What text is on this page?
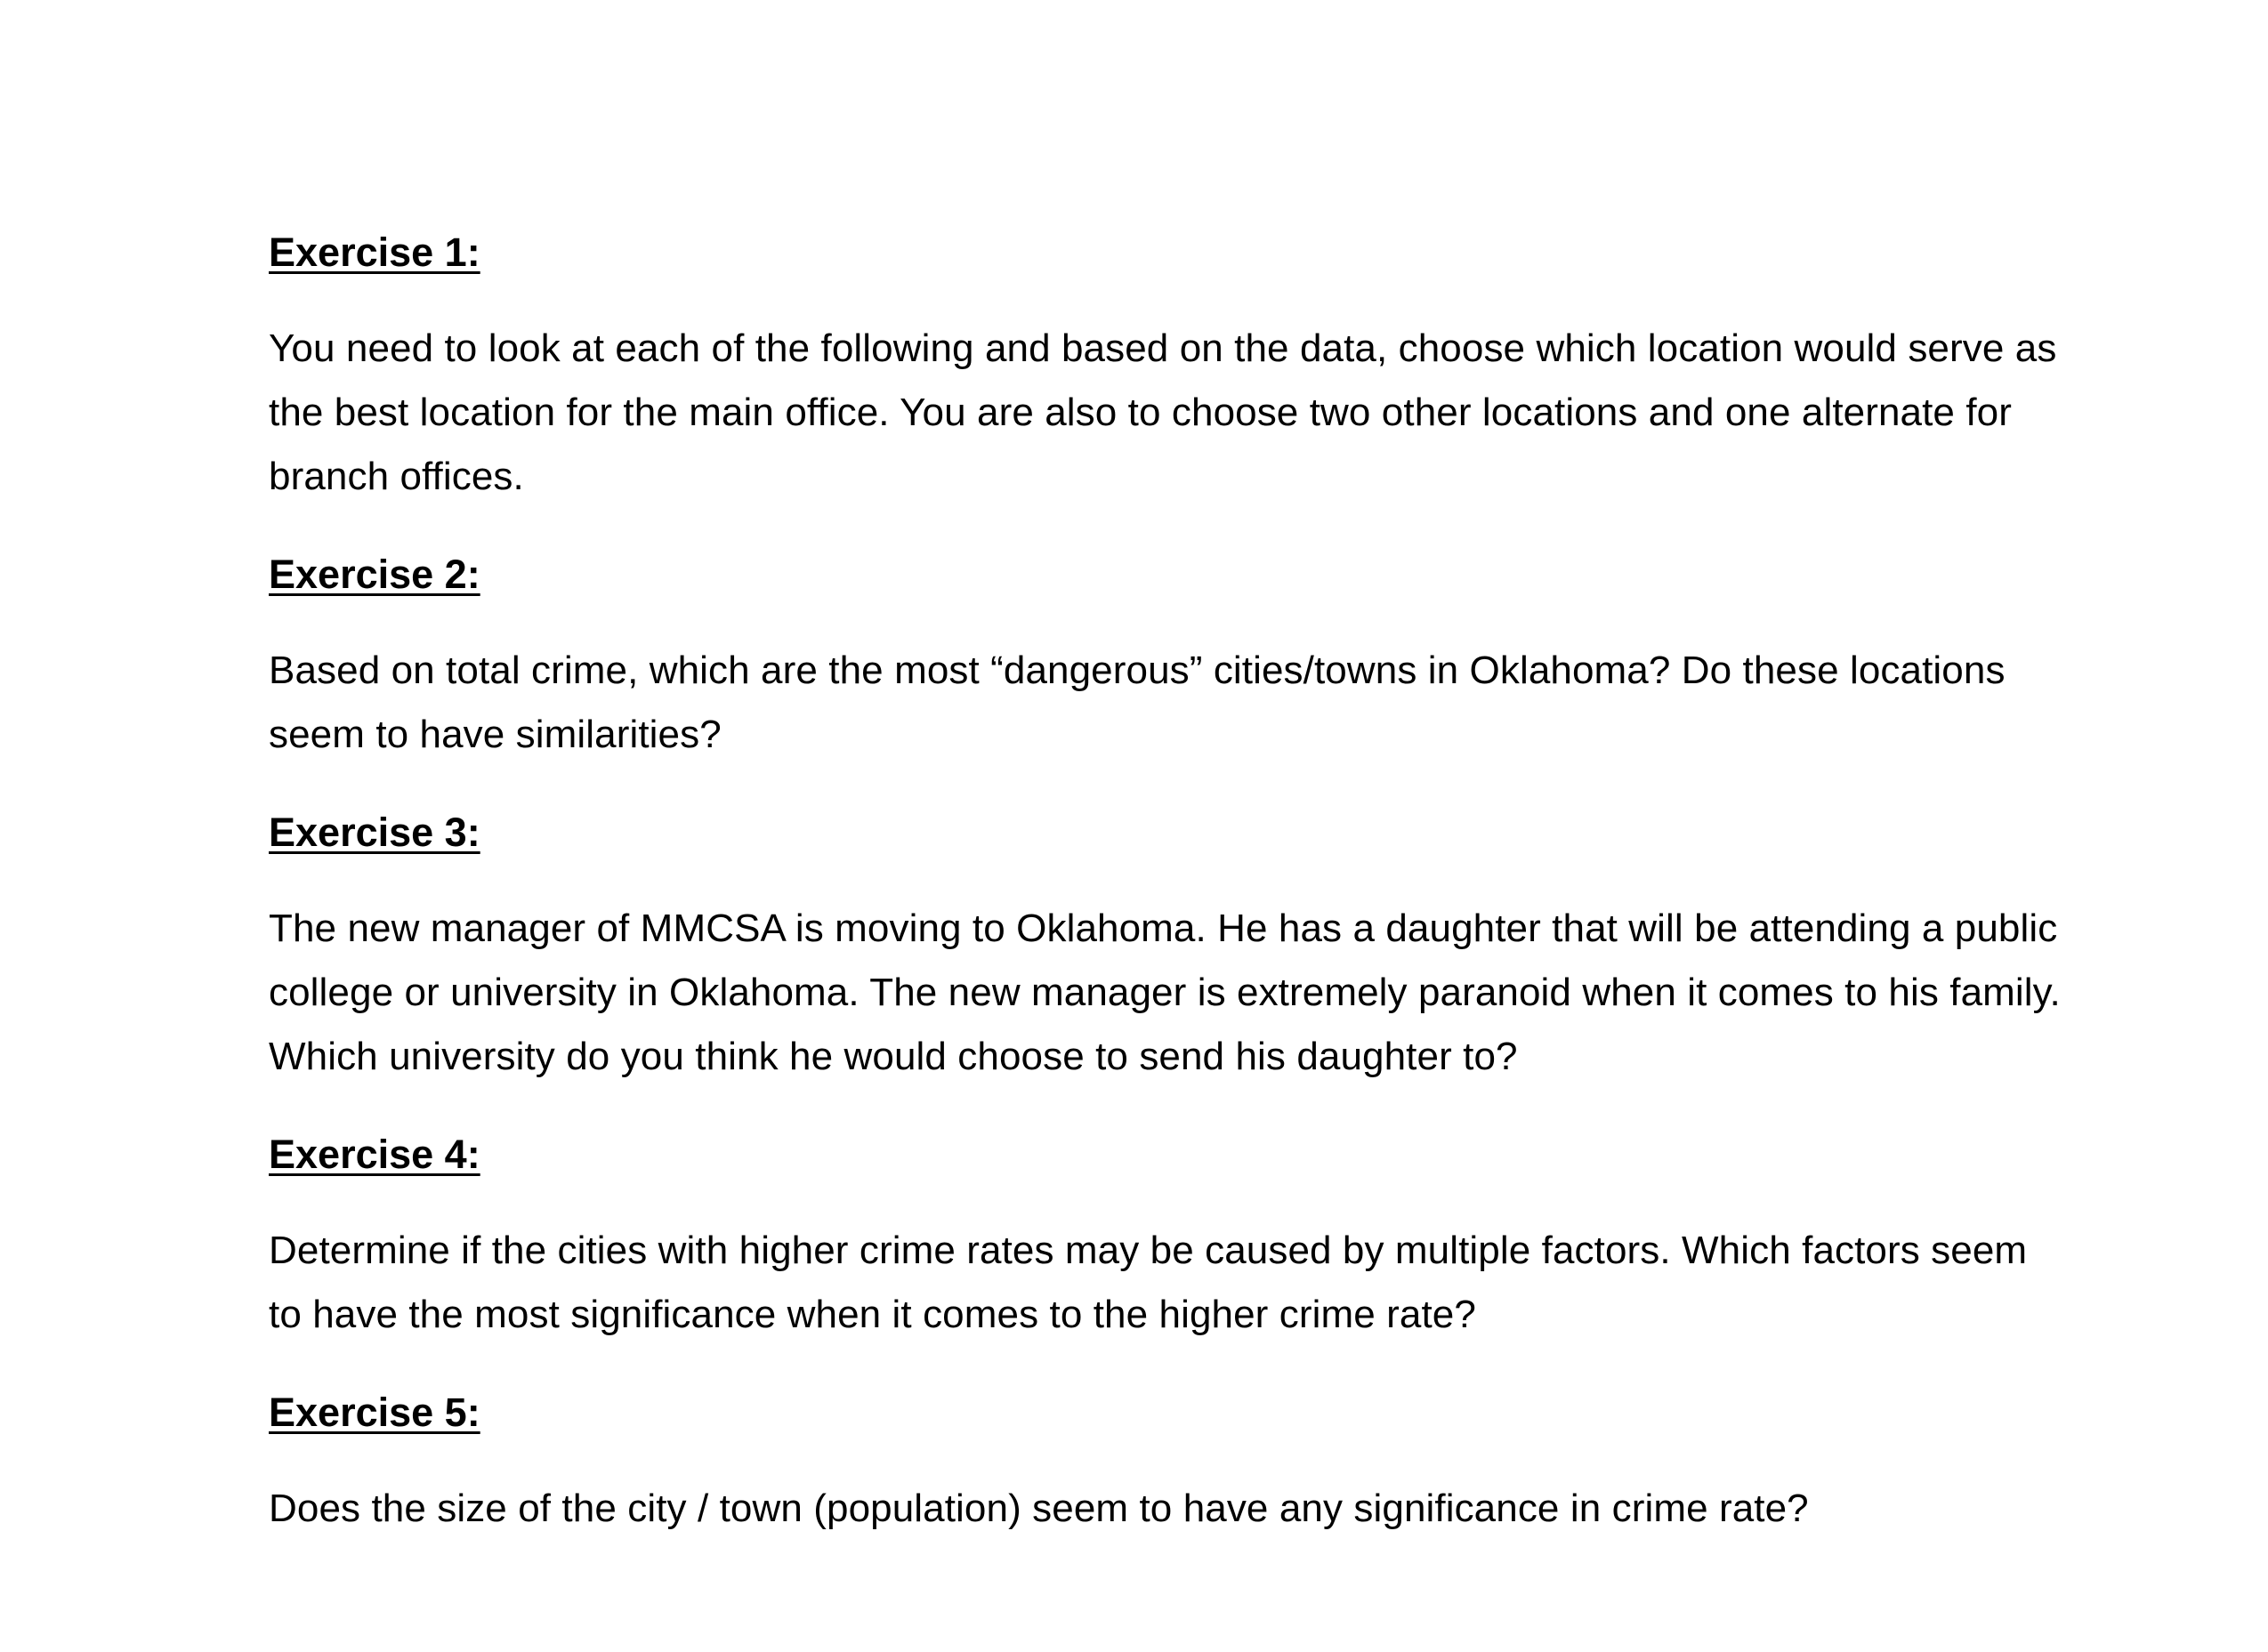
Exercise 1:

You need to look at each of the following and based on the data, choose which location would serve as the best location for the main office. You are also to choose two other locations and one alternate for branch offices.

Exercise 2:

Based on total crime, which are the most “dangerous” cities/towns in Oklahoma? Do these locations seem to have similarities?

Exercise 3:

The new manager of MMCSA is moving to Oklahoma. He has a daughter that will be attending a public college or university in Oklahoma. The new manager is extremely paranoid when it comes to his family. Which university do you think he would choose to send his daughter to?

Exercise 4:

Determine if the cities with higher crime rates may be caused by multiple factors. Which factors seem to have the most significance when it comes to the higher crime rate?

Exercise 5:

Does the size of the city / town (population) seem to have any significance in crime rate?
